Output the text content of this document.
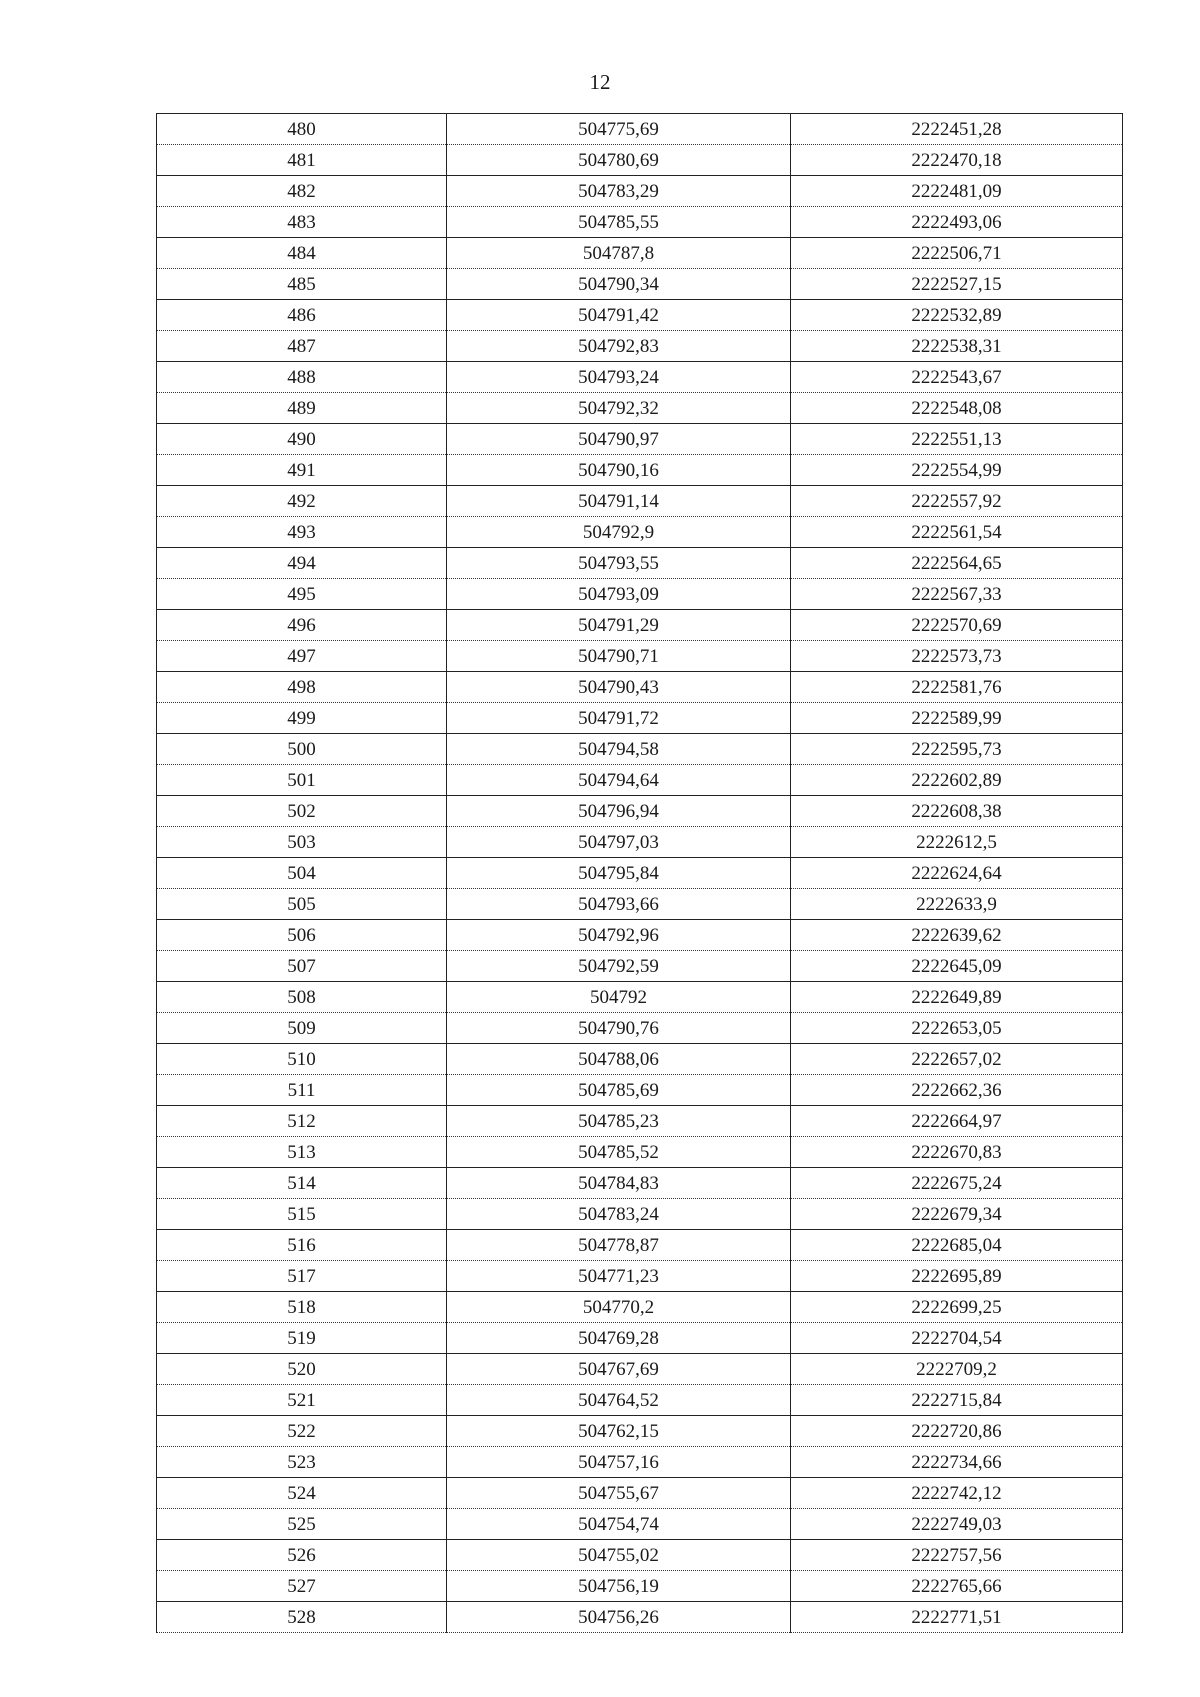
12
480	504775,69	2222451,28
481	504780,69	2222470,18
482	504783,29	2222481,09
483	504785,55	2222493,06
484	504787,8	2222506,71
485	504790,34	2222527,15
486	504791,42	2222532,89
487	504792,83	2222538,31
488	504793,24	2222543,67
489	504792,32	2222548,08
490	504790,97	2222551,13
491	504790,16	2222554,99
492	504791,14	2222557,92
493	504792,9	2222561,54
494	504793,55	2222564,65
495	504793,09	2222567,33
496	504791,29	2222570,69
497	504790,71	2222573,73
498	504790,43	2222581,76
499	504791,72	2222589,99
500	504794,58	2222595,73
501	504794,64	2222602,89
502	504796,94	2222608,38
503	504797,03	2222612,5
504	504795,84	2222624,64
505	504793,66	2222633,9
506	504792,96	2222639,62
507	504792,59	2222645,09
508	504792	2222649,89
509	504790,76	2222653,05
510	504788,06	2222657,02
511	504785,69	2222662,36
512	504785,23	2222664,97
513	504785,52	2222670,83
514	504784,83	2222675,24
515	504783,24	2222679,34
516	504778,87	2222685,04
517	504771,23	2222695,89
518	504770,2	2222699,25
519	504769,28	2222704,54
520	504767,69	2222709,2
521	504764,52	2222715,84
522	504762,15	2222720,86
523	504757,16	2222734,66
524	504755,67	2222742,12
525	504754,74	2222749,03
526	504755,02	2222757,56
527	504756,19	2222765,66
528	504756,26	2222771,51
